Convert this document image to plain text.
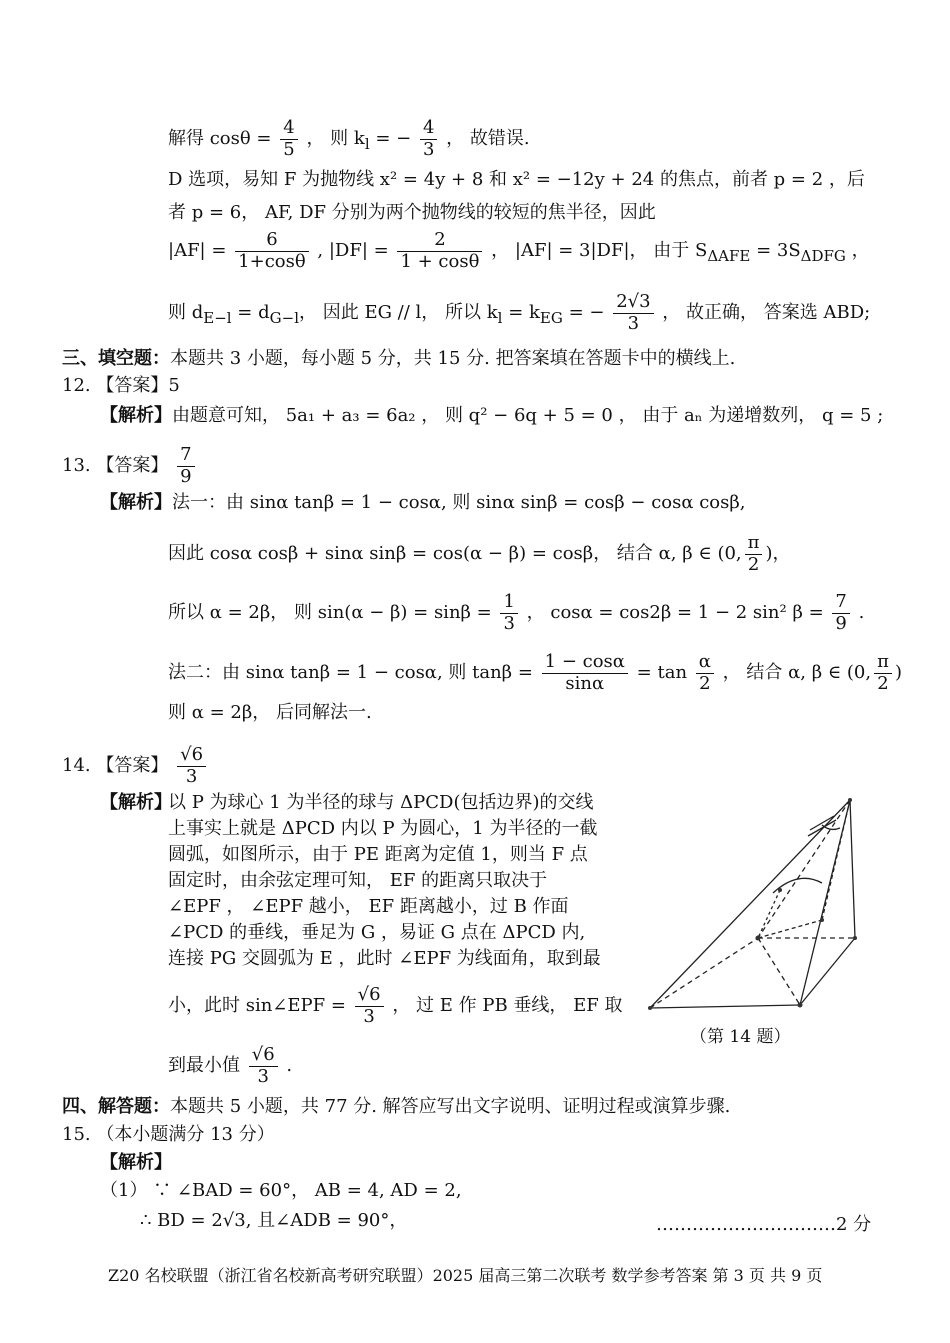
解得 $\cos\theta = \frac{4}{5}$ ， 则 $k_l$ = − $\frac{4}{3}$ ， 故错误.
D 选项，易知 F 为抛物线 x² = 4y + 8 和 x² = −12y + 24 的焦点，前者 p = 2 ，后
者 p = 6， AF, DF 分别为两个抛物线的较短的焦半径，因此
$|AF| = \frac{6}{1+\cos\theta}$ , $|DF| = \frac{2}{1 + \cos\theta}$ ， |AF| = 3|DF|， 由于 $S_{\Delta AFE} = 3S_{\Delta DFG}$ ，
则 $d_{E-l} = d_{G-l}$， 因此 EG // l， 所以 $k_l = k_{EG}$ = − $\frac{2√3}{3}$ ， 故正确， 答案选 ABD;
三、填空题：本题共 3 小题，每小题 5 分，共 15 分. 把答案填在答题卡中的横线上.
12. 【答案】5
【解析】由题意可知， 5a₁ + a₃ = 6a₂ ， 则 q² − 6q + 5 = 0 ， 由于 aₙ 为递增数列， q = 5 ;
13. 【答案】 $\frac{7}{9}$
【解析】法一：由 sinα tanβ = 1 − cosα, 则 sinα sinβ = cosβ − cosα cosβ,
因此 cosα cosβ + sinα sinβ = cos(α − β) = cosβ， 结合 α, β ∈ (0, $\frac{\pi}{2}$ )，
所以 α = 2β， 则 $\sin(\alpha - \beta) = \sin\beta = \frac{1}{3}$ ， cosα = cos2β = 1 − 2 sin² $\beta = \frac{7}{9}$ .
法二：由 sinα tanβ = 1 − cosα, 则 $\tan\beta = \frac{1 - \cos\alpha}{\sin\alpha} = \tan \frac{\alpha}{2}$ ， 结合 α, β ∈ (0, $\frac{\pi}{2}$ )
则 α = 2β， 后同解法一.
14. 【答案】 $\frac{√6}{3}$
【解析】
以 P 为球心 1 为半径的球与 ΔPCD(包括边界)的交线
上事实上就是 ΔPCD 内以 P 为圆心，1 为半径的一截
圆弧，如图所示，由于 PE 距离为定值 1，则当 F 点
固定时，由余弦定理可知， EF 的距离只取决于
∠EPF ， ∠EPF 越小， EF 距离越小，过 B 作面
∠PCD 的垂线，垂足为 G ，易证 G 点在 ΔPCD 内,
连接 PG 交圆弧为 E ，此时 ∠EPF 为线面角，取到最
小，此时 sin∠EPF = $\frac{√6}{3}$ ， 过 E 作 PB 垂线， EF 取
到最小值 $\frac{√6}{3}$ .
（第 14 题）
四、解答题：本题共 5 小题，共 77 分. 解答应写出文字说明、证明过程或演算步骤.
15. （本小题满分 13 分）
【解析】
（1） ∵ ∠BAD = 60°， AB = 4, AD = 2,
∴ BD = 2√3, 且∠ADB = 90°，	…………………………2 分
Z20 名校联盟（浙江省名校新高考研究联盟）2025 届高三第二次联考 数学参考答案 第 3 页 共 9 页
